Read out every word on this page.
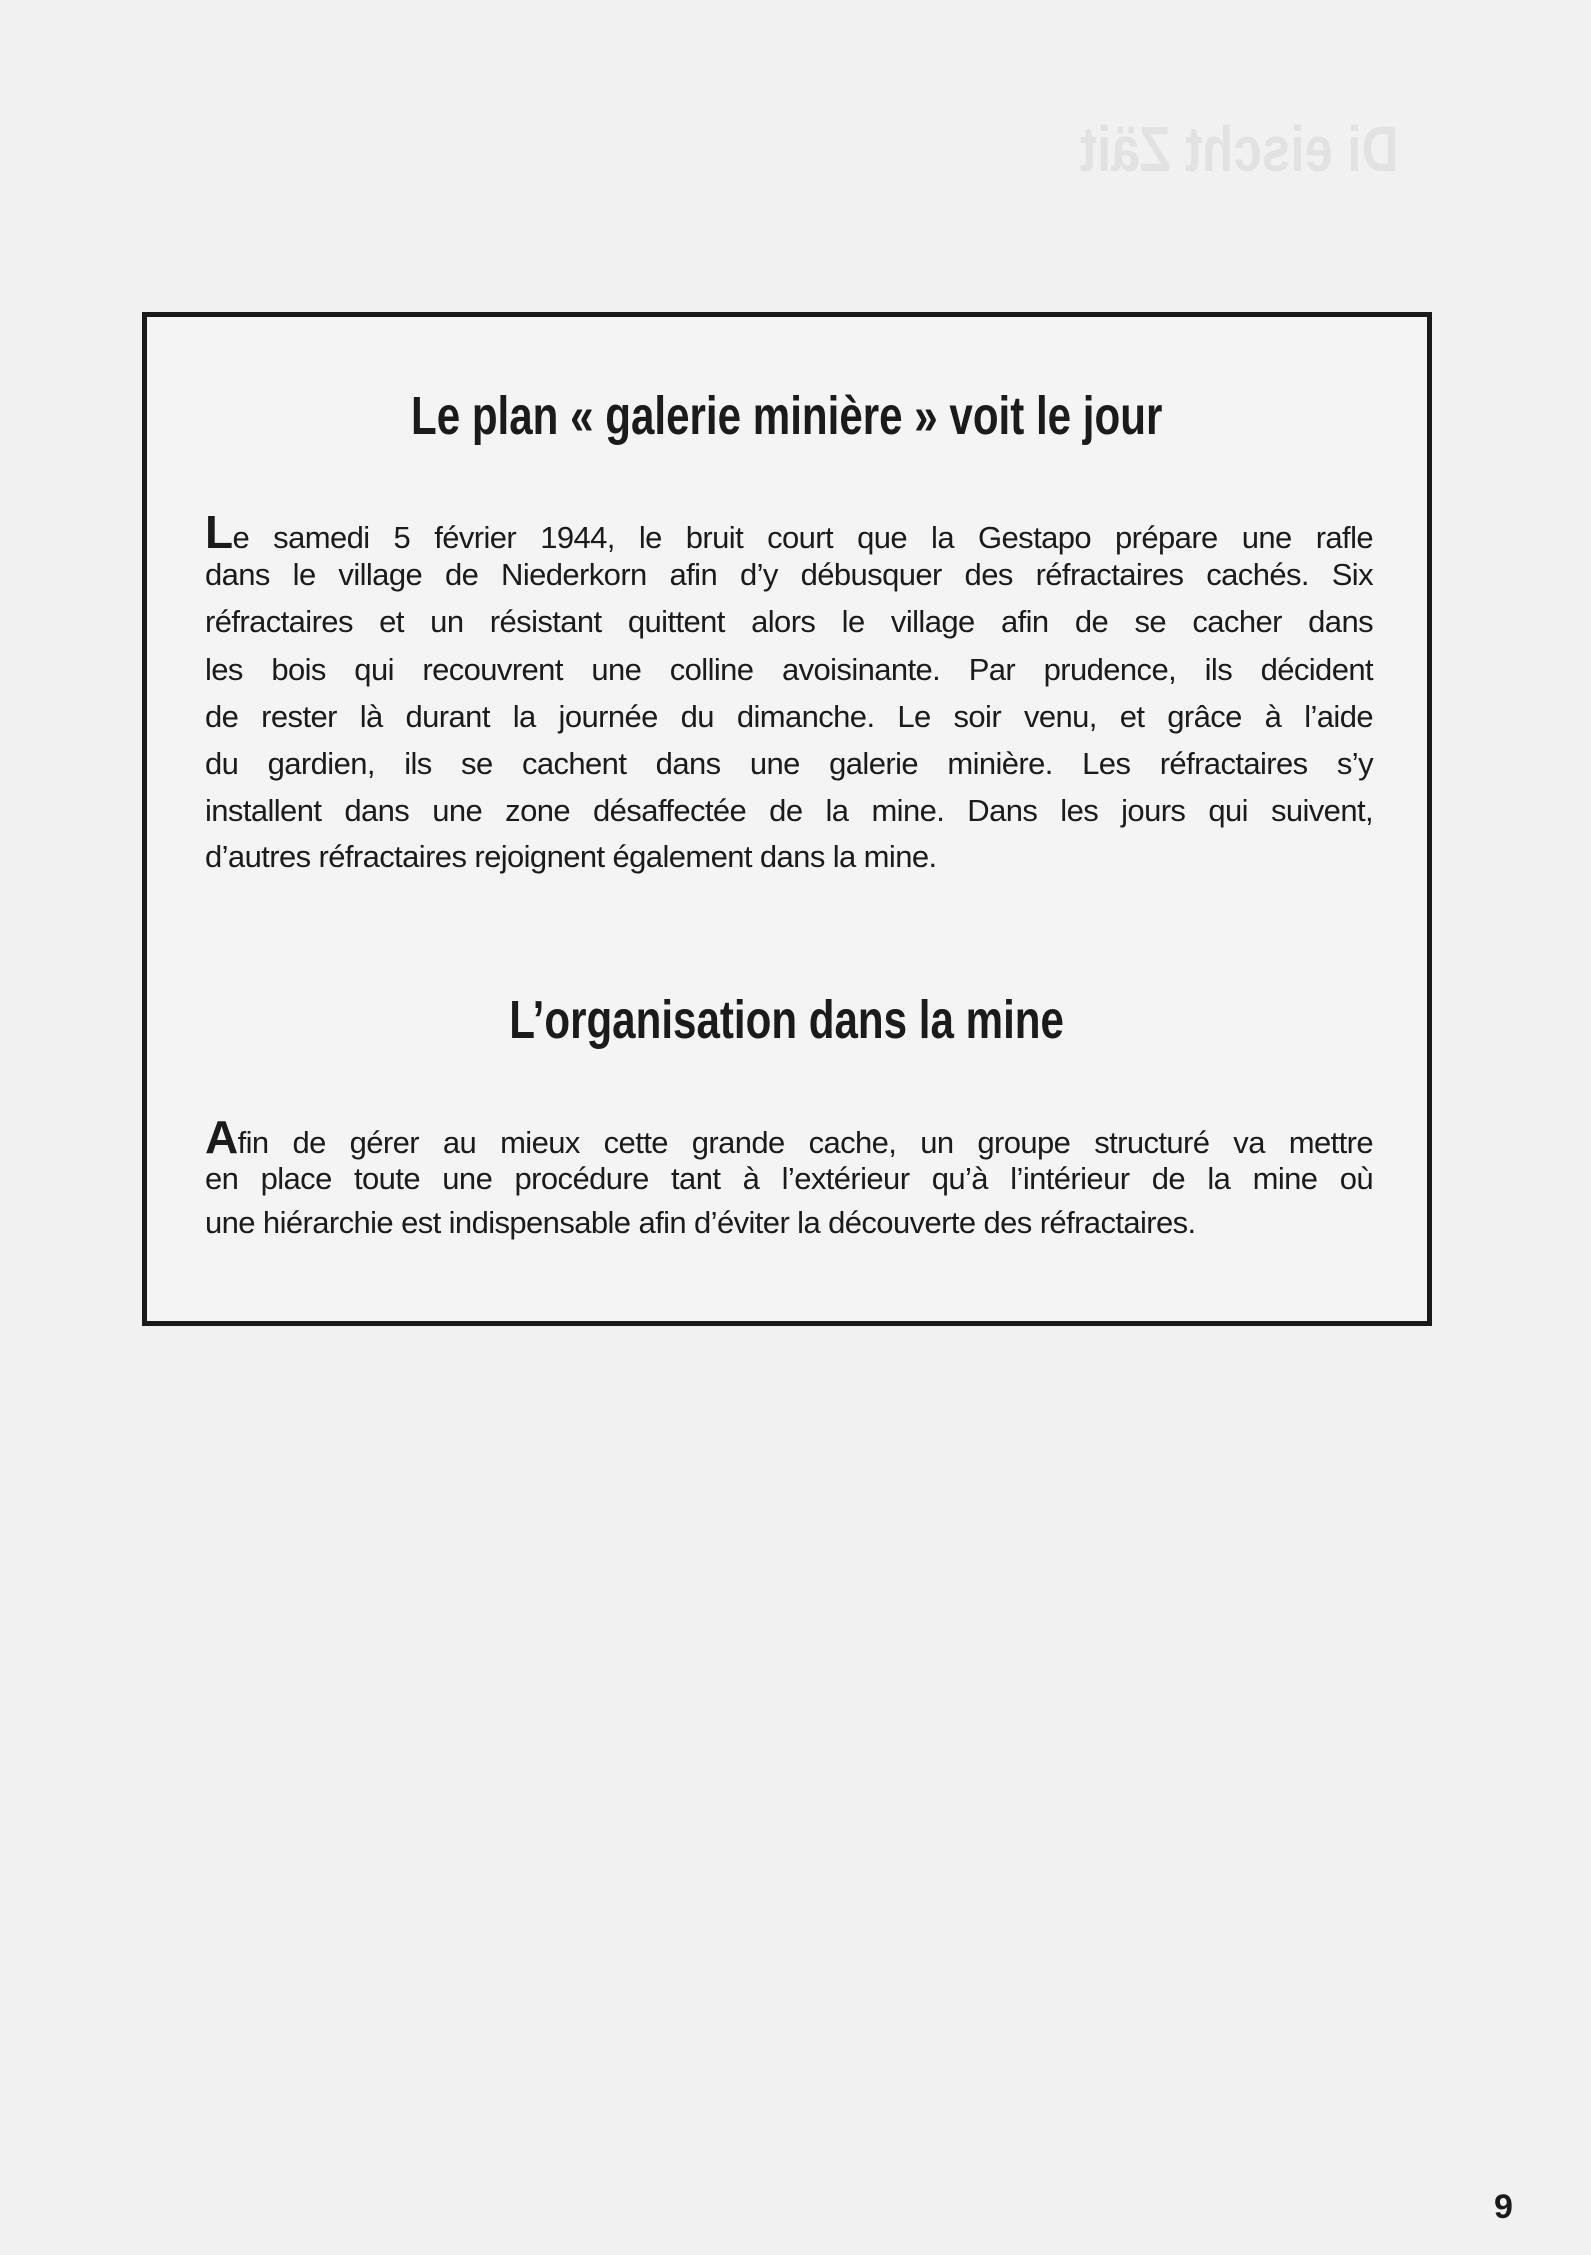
Di eischt Zäit
Le plan « galerie minière » voit le jour
Le samedi 5 février 1944, le bruit court que la Gestapo prépare une rafle
dans le village de Niederkorn afin d’y débusquer des réfractaires cachés. Six
réfractaires et un résistant quittent alors le village afin de se cacher dans
les bois qui recouvrent une colline avoisinante. Par prudence, ils décident
de rester là durant la journée du dimanche. Le soir venu, et grâce à l’aide
du gardien, ils se cachent dans une galerie minière. Les réfractaires s’y
installent dans une zone désaffectée de la mine. Dans les jours qui suivent,
d’autres réfractaires rejoignent également dans la mine.
L’organisation dans la mine
Afin de gérer au mieux cette grande cache, un groupe structuré va mettre
en place toute une procédure tant à l’extérieur qu’à l’intérieur de la mine où
une hiérarchie est indispensable afin d’éviter la découverte des réfractaires.
9
